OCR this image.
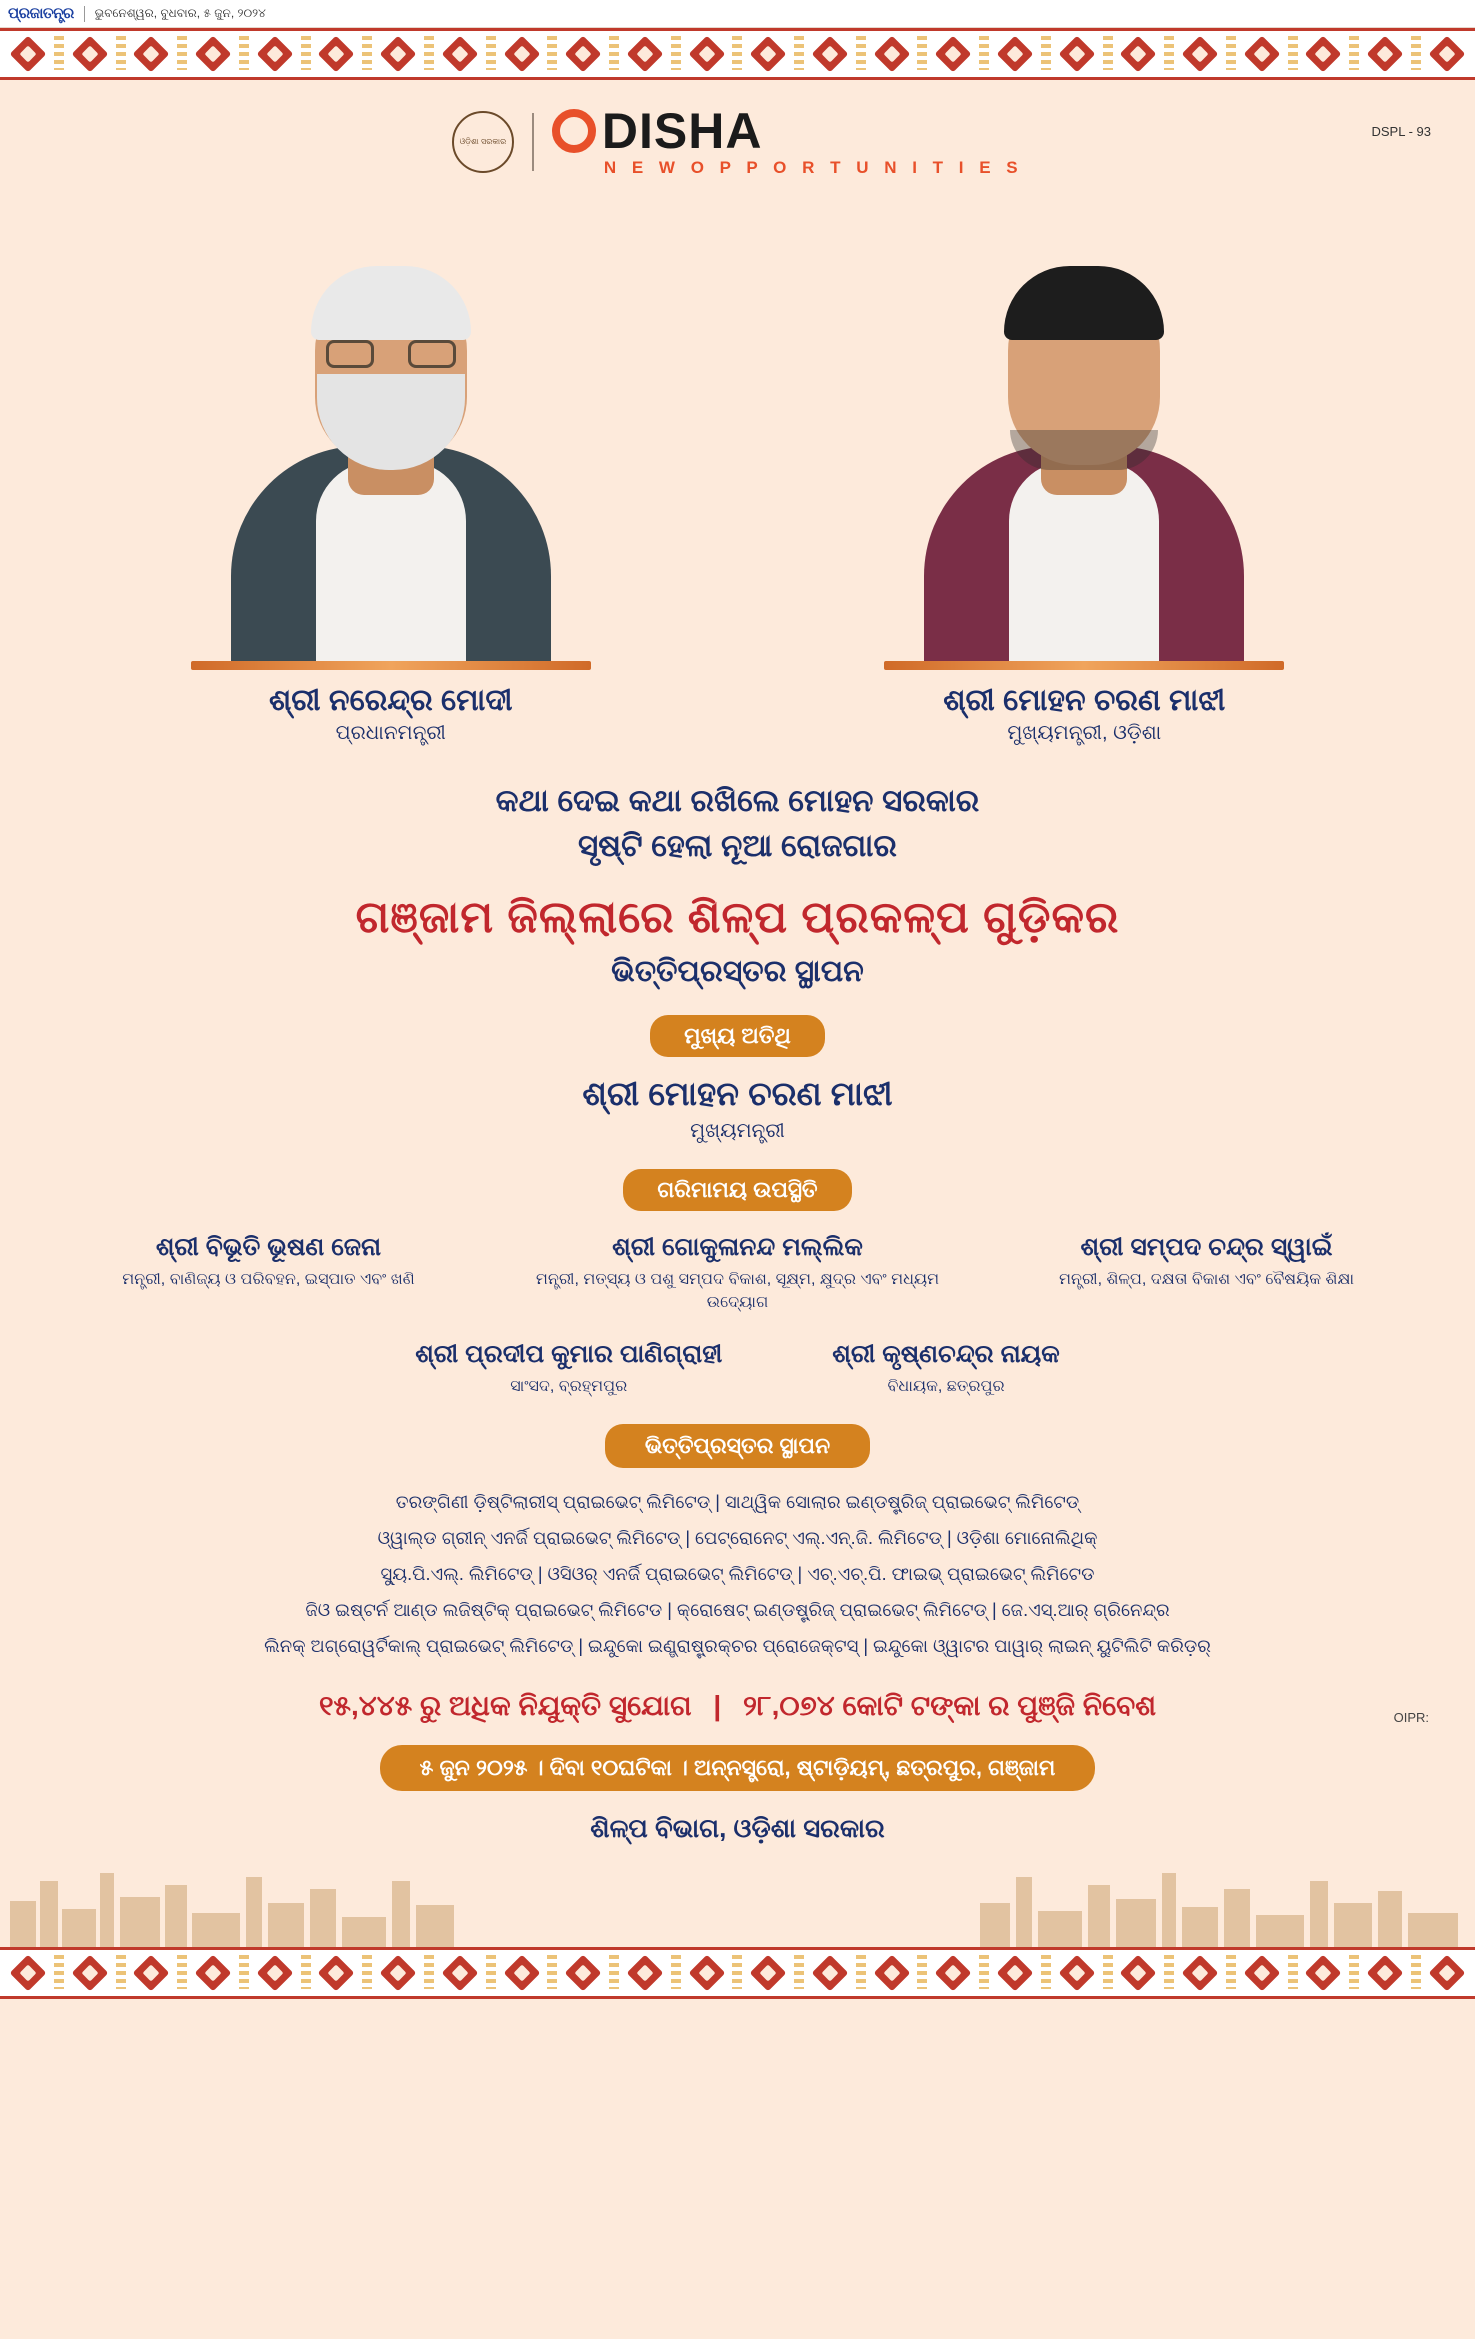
ପ୍ରଜାତନ୍ତ୍ର ଭୁବନେଶ୍ୱର, ବୁଧବାର, ୫ ଜୁନ, ୨୦୨୪
ଓଡ଼ିଶା ସରକାର DISHA
N E W O P P O R T U N I T I E S
DSPL - 93
ଶ୍ରୀ ନରେନ୍ଦ୍ର ମୋଦୀ
ପ୍ରଧାନମନ୍ତ୍ରୀ
ଶ୍ରୀ ମୋହନ ଚରଣ ମାଝୀ
ମୁଖ୍ୟମନ୍ତ୍ରୀ, ଓଡ଼ିଶା
କଥା ଦେଇ କଥା ରଖିଲେ ମୋହନ ସରକାର
ସୃଷ୍ଟି ହେଲା ନୂଆ ରୋଜଗାର
ଗଞ୍ଜାମ ଜିଲ୍ଲାରେ ଶିଳ୍ପ ପ୍ରକଳ୍ପ ଗୁଡ଼ିକର
ଭିତ୍ତିପ୍ରସ୍ତର ସ୍ଥାପନ
ମୁଖ୍ୟ ଅତିଥି
ଶ୍ରୀ ମୋହନ ଚରଣ ମାଝୀ
ମୁଖ୍ୟମନ୍ତ୍ରୀ
ଗରିମାମୟ ଉପସ୍ଥିତି
ଶ୍ରୀ ବିଭୂତି ଭୂଷଣ ଜେନା
ମନ୍ତ୍ରୀ, ବାଣିଜ୍ୟ ଓ ପରିବହନ, ଇସ୍ପାତ ଏବଂ ଖଣି
ଶ୍ରୀ ଗୋକୁଳାନନ୍ଦ ମଲ୍ଲିକ
ମନ୍ତ୍ରୀ, ମତ୍ସ୍ୟ ଓ ପଶୁ ସମ୍ପଦ ବିକାଶ, ସୂକ୍ଷ୍ମ, କ୍ଷୁଦ୍ର ଏବଂ ମଧ୍ୟମ ଉଦ୍ୟୋଗ
ଶ୍ରୀ ସମ୍ପଦ ଚନ୍ଦ୍ର ସ୍ୱାଇଁ
ମନ୍ତ୍ରୀ, ଶିଳ୍ପ, ଦକ୍ଷତା ବିକାଶ ଏବଂ ବୈଷୟିକ ଶିକ୍ଷା
ଶ୍ରୀ ପ୍ରଦୀପ କୁମାର ପାଣିଗ୍ରାହୀ
ସାଂସଦ, ବ୍ରହ୍ମପୁର
ଶ୍ରୀ କୃଷ୍ଣଚନ୍ଦ୍ର ନାୟକ
ବିଧାୟକ, ଛତ୍ରପୁର
ଭିତ୍ତିପ୍ରସ୍ତର ସ୍ଥାପନ
ତରଙ୍ଗିଣୀ ଡ଼ିଷ୍ଟିଲାରୀସ୍ ପ୍ରାଇଭେଟ୍ ଲିମିଟେଡ୍ | ସାଥ୍ୱିକ ସୋଲାର ଇଣ୍ଡଷ୍ଟ୍ରିଜ୍ ପ୍ରାଇଭେଟ୍ ଲିମିଟେଡ୍
ଓ୍ୱାଲ୍ଡ ଗ୍ରୀନ୍ ଏନର୍ଜି ପ୍ରାଇଭେଟ୍ ଲିମିଟେଡ୍ | ପେଟ୍ରୋନେଟ୍ ଏଲ୍.ଏନ୍.ଜି. ଲିମିଟେଡ୍ | ଓଡ଼ିଶା ମୋନୋଲିଥିକ୍
ସ୍ୟୁ.ପି.ଏଲ୍. ଲିମିଟେଡ୍ | ଓସିଓର୍ ଏନର୍ଜି ପ୍ରାଇଭେଟ୍ ଲିମିଟେଡ୍ | ଏଚ୍.ଏଚ୍.ପି. ଫାଇଭ୍ ପ୍ରାଇଭେଟ୍ ଲିମିଟେଡ
ଜିଓ ଇଷ୍ଟର୍ନ ଆଣ୍ଡ ଲଜିଷ୍ଟିକ୍ ପ୍ରାଇଭେଟ୍ ଲିମିଟେଡ | କ୍ରୋଷେଟ୍ ଇଣ୍ଡଷ୍ଟ୍ରିଜ୍ ପ୍ରାଇଭେଟ୍ ଲିମିଟେଡ୍ | ଜେ.ଏସ୍.ଆର୍ ଗ୍ରିନେନ୍ଦ୍ର
ଲିନକ୍ ଅଗ୍ରୋୱର୍ଟିକାଲ୍ ପ୍ରାଇଭେଟ୍ ଲିମିଟେଡ୍ | ଇନ୍ଦୁକୋ ଇଣ୍ଡ୍ରାଷ୍ଟ୍ରକ୍ଚର ପ୍ରୋଜେକ୍ଟସ୍ | ଇନ୍ଦୁକୋ ଓ୍ୱାଟର ପାୱାର୍ ଲାଇନ୍ ୟୁଟିଲିଟି କରିଡ଼ର୍
୧୫,୪୪୫ ରୁ ଅଧିକ ନିଯୁକ୍ତି ସୁଯୋଗ | ୨୮,୦୭୪ କୋଟି ଟଙ୍କା ର ପୁଞ୍ଜି ନିବେଶ
୫ ଜୁନ ୨୦୨୫ । ଦିବା ୧୦ଘଟିକା । ଅନ୍ନସ୍ତ୍ରୋ, ଷ୍ଟାଡ଼ିୟମ୍, ଛତ୍ରପୁର, ଗଞ୍ଜାମ
ଶିଳ୍ପ ବିଭାଗ, ଓଡ଼ିଶା ସରକାର
OIPR:
